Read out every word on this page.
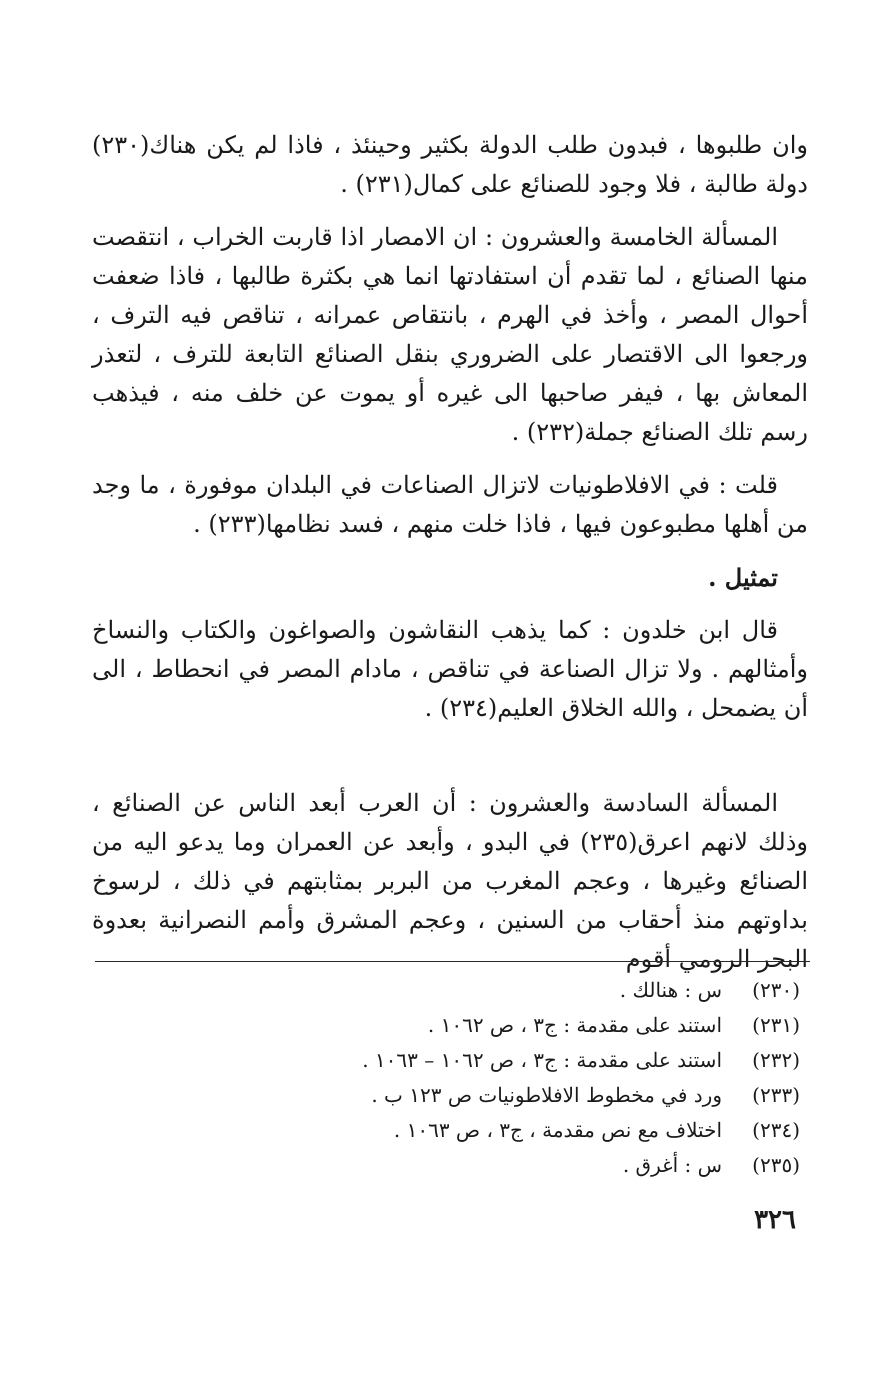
وان طلبوها ، فبدون طلب الدولة بكثير وحينئذ ، فاذا لم يكن هناك(٢٣٠) دولة طالبة ، فلا وجود للصنائع على كمال(٢٣١) .

المسألة الخامسة والعشرون : ان الامصار اذا قاربت الخراب ، انتقصت منها الصنائع ، لما تقدم أن استفادتها انما هي بكثرة طالبها ، فاذا ضعفت أحوال المصر ، وأخذ في الهرم ، بانتقاص عمرانه ، تناقص فيه الترف ، ورجعوا الى الاقتصار على الضروري بنقل الصنائع التابعة للترف ، لتعذر المعاش بها ، فيفر صاحبها الى غيره أو يموت عن خلف منه ، فيذهب رسم تلك الصنائع جملة(٢٣٢) .

قلت : في الافلاطونيات لاتزال الصناعات في البلدان موفورة ، ما وجد من أهلها مطبوعون فيها ، فاذا خلت منهم ، فسد نظامها(٢٣٣) .

تمثيل .

قال ابن خلدون : كما يذهب النقاشون والصواغون والكتاب والنساخ وأمثالهم . ولا تزال الصناعة في تناقص ، مادام المصر في انحطاط ، الى أن يضمحل ، والله الخلاق العليم(٢٣٤) .

المسألة السادسة والعشرون : أن العرب أبعد الناس عن الصنائع ، وذلك لانهم اعرق(٢٣٥) في البدو ، وأبعد عن العمران وما يدعو اليه من الصنائع وغيرها ، وعجم المغرب من البربر بمثابتهم في ذلك ، لرسوخ بداوتهم منذ أحقاب من السنين ، وعجم المشرق وأمم النصرانية بعدوة البحر الرومي أقوم

(٢٣٠)
س : هنالك .
(٢٣١)
استند على مقدمة : ج٣ ، ص ١٠٦٢ .
(٢٣٢)
استند على مقدمة : ج٣ ، ص ١٠٦٢ – ١٠٦٣ .
(٢٣٣)
ورد في مخطوط الافلاطونيات ص ١٢٣ ب .
(٢٣٤)
اختلاف مع نص مقدمة ، ج٣ ، ص ١٠٦٣ .
(٢٣٥)
س : أغرق .
٣٢٦
